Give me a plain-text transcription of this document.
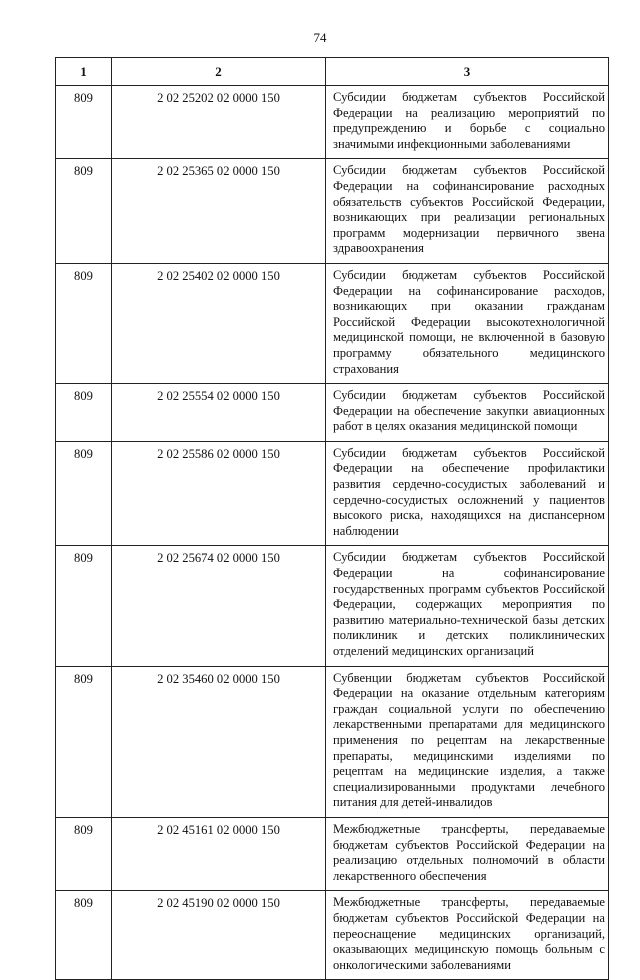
74
1	2	3
809	2 02 25202 02 0000 150	Субсидии бюджетам субъектов Российской Федерации на реализацию мероприятий по предупреждению и борьбе с социально значимыми инфекционными заболеваниями
809	2 02 25365 02 0000 150	Субсидии бюджетам субъектов Российской Федерации на софинансирование расходных обязательств субъектов Российской Федерации, возникающих при реализации региональных программ модернизации первичного звена здравоохранения
809	2 02 25402 02 0000 150	Субсидии бюджетам субъектов Российской Федерации на софинансирование расходов, возникающих при оказании гражданам Российской Федерации высокотехнологичной медицинской помощи, не включенной в базовую программу обязательного медицинского страхования
809	2 02 25554 02 0000 150	Субсидии бюджетам субъектов Российской Федерации на обеспечение закупки авиационных работ в целях оказания медицинской помощи
809	2 02 25586 02 0000 150	Субсидии бюджетам субъектов Российской Федерации на обеспечение профилактики развития сердечно-сосудистых заболеваний и сердечно-сосудистых осложнений у пациентов высокого риска, находящихся на диспансерном наблюдении
809	2 02 25674 02 0000 150	Субсидии бюджетам субъектов Российской Федерации на софинансирование государственных программ субъектов Российской Федерации, содержащих мероприятия по развитию материально-технической базы детских поликлиник и детских поликлинических отделений медицинских организаций
809	2 02 35460 02 0000 150	Субвенции бюджетам субъектов Российской Федерации на оказание отдельным категориям граждан социальной услуги по обеспечению лекарственными препаратами для медицинского применения по рецептам на лекарственные препараты, медицинскими изделиями по рецептам на медицинские изделия, а также специализированными продуктами лечебного питания для детей-инвалидов
809	2 02 45161 02 0000 150	Межбюджетные трансферты, передаваемые бюджетам субъектов Российской Федерации на реализацию отдельных полномочий в области лекарственного обеспечения
809	2 02 45190 02 0000 150	Межбюджетные трансферты, передаваемые бюджетам субъектов Российской Федерации на переоснащение медицинских организаций, оказывающих медицинскую помощь больным с онкологическими заболеваниями
